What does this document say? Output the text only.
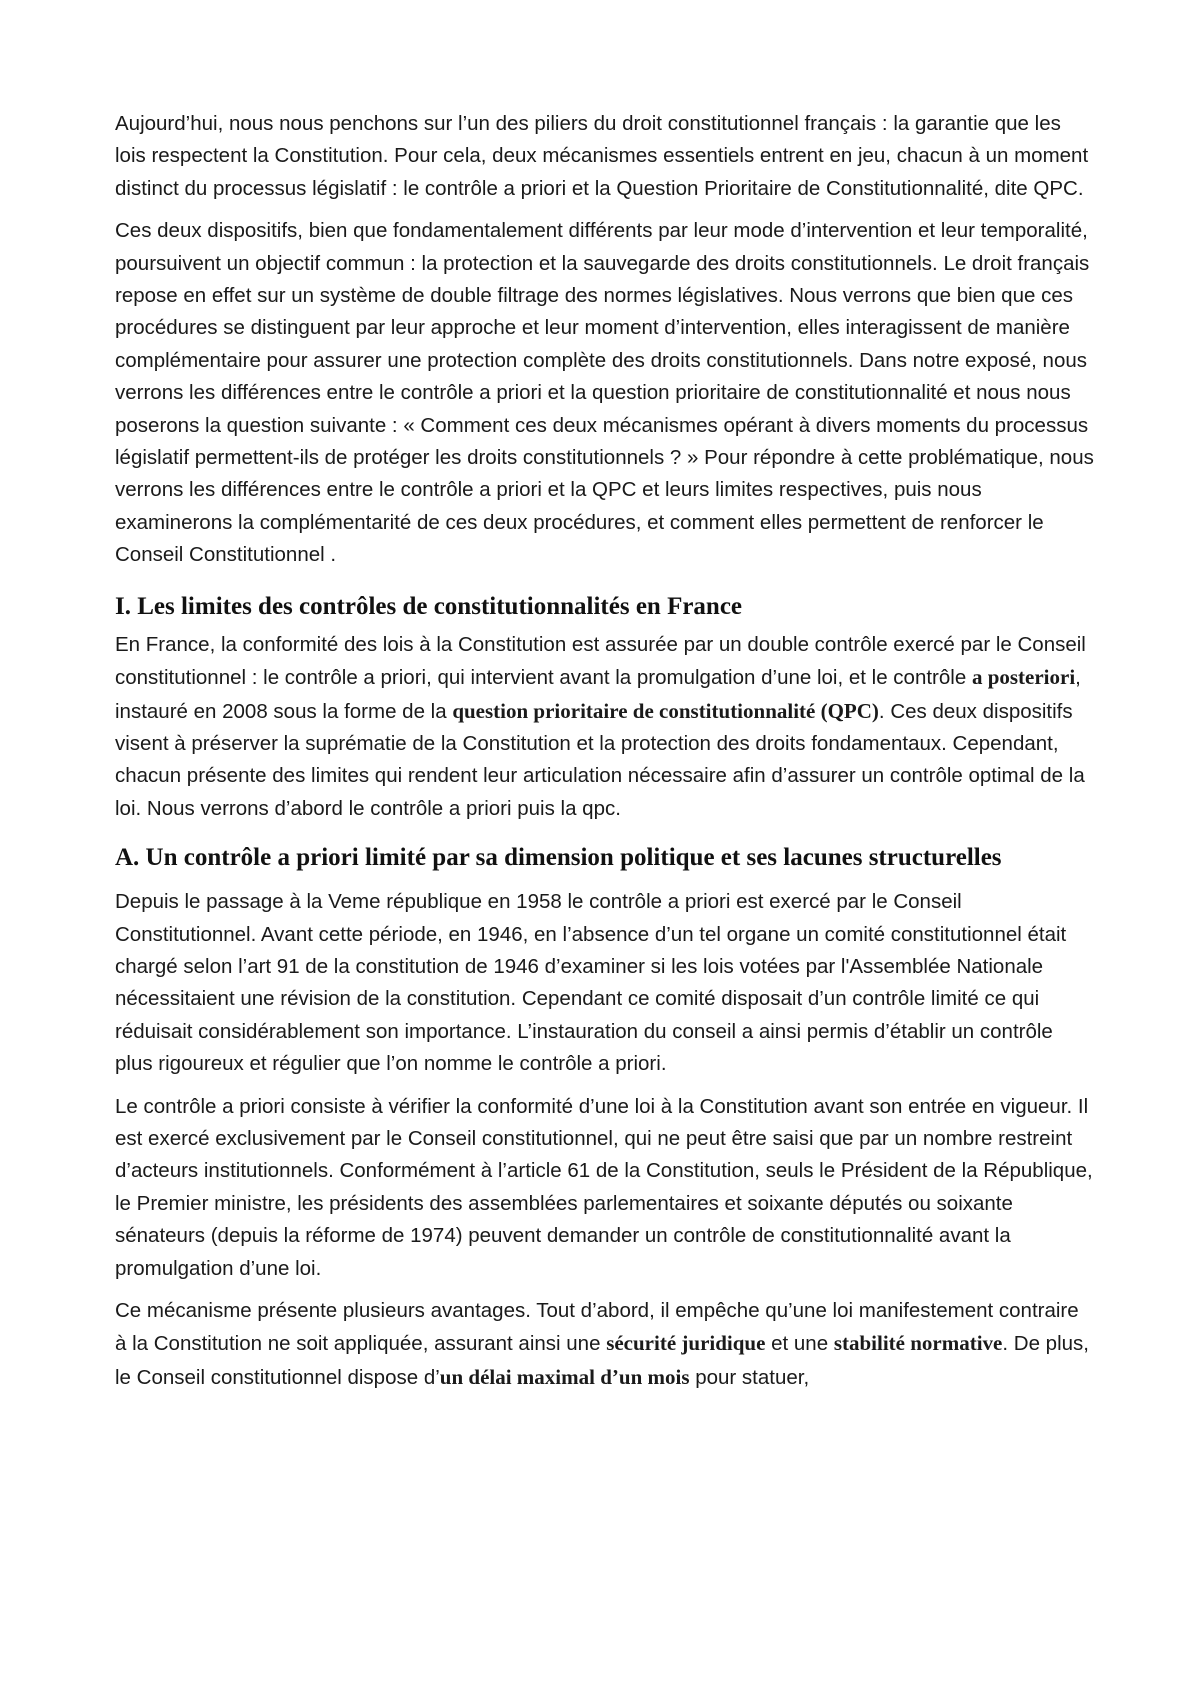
Aujourd’hui, nous nous penchons sur l’un des piliers du droit constitutionnel français : la garantie que les lois respectent la Constitution. Pour cela, deux mécanismes essentiels entrent en jeu, chacun à un moment distinct du processus législatif : le contrôle a priori et la Question Prioritaire de Constitutionnalité, dite QPC.

Ces deux dispositifs, bien que fondamentalement différents par leur mode d’intervention et leur temporalité, poursuivent un objectif commun : la protection et la sauvegarde des droits constitutionnels. Le droit français repose en effet sur un système de double filtrage des normes législatives. Nous verrons que bien que ces procédures se distinguent par leur approche et leur moment d’intervention, elles interagissent de manière complémentaire pour assurer une protection complète des droits constitutionnels. Dans notre exposé, nous verrons les différences entre le contrôle a priori et la question prioritaire de constitutionnalité et nous nous poserons la question suivante : « Comment ces deux mécanismes opérant à divers moments du processus législatif permettent-ils de protéger les droits constitutionnels ? » Pour répondre à cette problématique, nous verrons les différences entre le contrôle a priori et la QPC et leurs limites respectives, puis nous examinerons la complémentarité de ces deux procédures, et comment elles permettent de renforcer le Conseil Constitutionnel .

I. Les limites des contrôles de constitutionnalités en France

En France, la conformité des lois à la Constitution est assurée par un double contrôle exercé par le Conseil constitutionnel : le contrôle a priori, qui intervient avant la promulgation d’une loi, et le contrôle a posteriori, instauré en 2008 sous la forme de la question prioritaire de constitutionnalité (QPC). Ces deux dispositifs visent à préserver la suprématie de la Constitution et la protection des droits fondamentaux. Cependant, chacun présente des limites qui rendent leur articulation nécessaire afin d’assurer un contrôle optimal de la loi. Nous verrons d’abord le contrôle a priori puis la qpc.

A. Un contrôle a priori limité par sa dimension politique et ses lacunes structurelles

Depuis le passage à la Veme république en 1958 le contrôle a priori est exercé par le Conseil Constitutionnel. Avant cette période, en 1946, en l’absence d’un tel organe un comité constitutionnel était chargé selon l’art 91 de la constitution de 1946 d’examiner si les lois votées par l'Assemblée Nationale nécessitaient une révision de la constitution. Cependant ce comité disposait d’un contrôle limité ce qui réduisait considérablement son importance. L’instauration du conseil a ainsi permis d’établir un contrôle plus rigoureux et régulier que l’on nomme le contrôle a priori.

Le contrôle a priori consiste à vérifier la conformité d’une loi à la Constitution avant son entrée en vigueur. Il est exercé exclusivement par le Conseil constitutionnel, qui ne peut être saisi que par un nombre restreint d’acteurs institutionnels. Conformément à l’article 61 de la Constitution, seuls le Président de la République, le Premier ministre, les présidents des assemblées parlementaires et soixante députés ou soixante sénateurs (depuis la réforme de 1974) peuvent demander un contrôle de constitutionnalité avant la promulgation d’une loi.

Ce mécanisme présente plusieurs avantages. Tout d’abord, il empêche qu’une loi manifestement contraire à la Constitution ne soit appliquée, assurant ainsi une sécurité juridique et une stabilité normative. De plus, le Conseil constitutionnel dispose d’un délai maximal d’un mois pour statuer,
